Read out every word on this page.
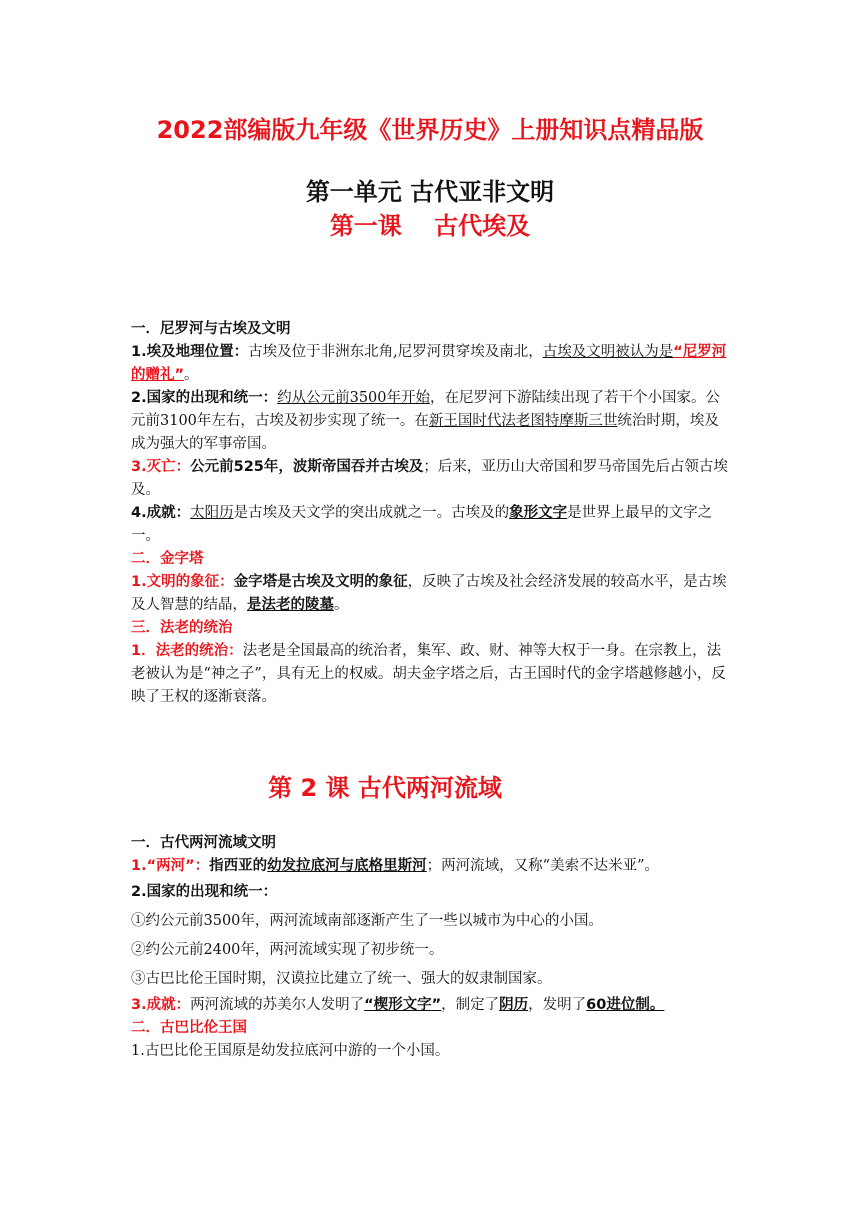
2022部编版九年级《世界历史》上册知识点精品版
第一单元 古代亚非文明
第一课　 古代埃及

一．尼罗河与古埃及文明

1.埃及地理位置：古埃及位于非洲东北角,尼罗河贯穿埃及南北，古埃及文明被认为是“尼罗河的赠礼”。

2.国家的出现和统一：约从公元前3500年开始，在尼罗河下游陆续出现了若干个小国家。公元前3100年左右，古埃及初步实现了统一。在新王国时代法老图特摩斯三世统治时期，埃及成为强大的军事帝国。

3.灭亡：公元前525年，波斯帝国吞并古埃及；后来，亚历山大帝国和罗马帝国先后占领古埃及。

4.成就：太阳历是古埃及天文学的突出成就之一。古埃及的象形文字是世界上最早的文字之一。

二．金字塔

1.文明的象征：金字塔是古埃及文明的象征，反映了古埃及社会经济发展的较高水平，是古埃及人智慧的结晶，是法老的陵墓。

三．法老的统治

1．法老的统治：法老是全国最高的统治者，集军、政、财、神等大权于一身。在宗教上，法老被认为是“神之子”，具有无上的权威。胡夫金字塔之后，古王国时代的金字塔越修越小，反映了王权的逐渐衰落。

第 2 课 古代两河流域

一．古代两河流域文明

1.“两河”：指西亚的幼发拉底河与底格里斯河；两河流域，又称“美索不达米亚”。

2.国家的出现和统一：

①约公元前3500年，两河流域南部逐渐产生了一些以城市为中心的小国。

②约公元前2400年，两河流域实现了初步统一。

③古巴比伦王国时期，汉谟拉比建立了统一、强大的奴隶制国家。

3.成就：两河流域的苏美尔人发明了“楔形文字”，制定了阴历，发明了60进位制。

二．古巴比伦王国

1.古巴比伦王国原是幼发拉底河中游的一个小国。
